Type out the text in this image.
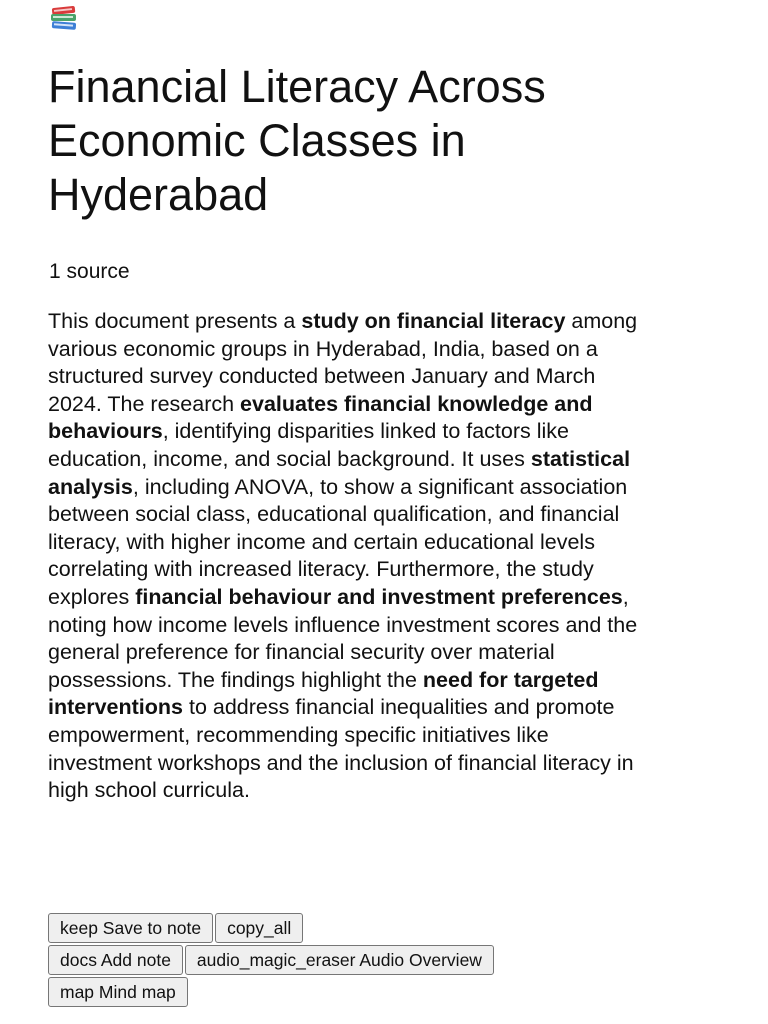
Financial Literacy Across Economic Classes in Hyderabad
1 source

This document presents a study on financial literacy among various economic groups in Hyderabad, India, based on a structured survey conducted between January and March 2024. The research evaluates financial knowledge and behaviours, identifying disparities linked to factors like education, income, and social background. It uses statistical analysis, including ANOVA, to show a significant association between social class, educational qualification, and financial literacy, with higher income and certain educational levels correlating with increased literacy. Furthermore, the study explores financial behaviour and investment preferences, noting how income levels influence investment scores and the general preference for financial security over material possessions. The findings highlight the need for targeted interventions to address financial inequalities and promote empowerment, recommending specific initiatives like investment workshops and the inclusion of financial literacy in high school curricula.

keep Save to note	copy_all
docs Add note	audio_magic_eraser Audio Overview
map Mind map
